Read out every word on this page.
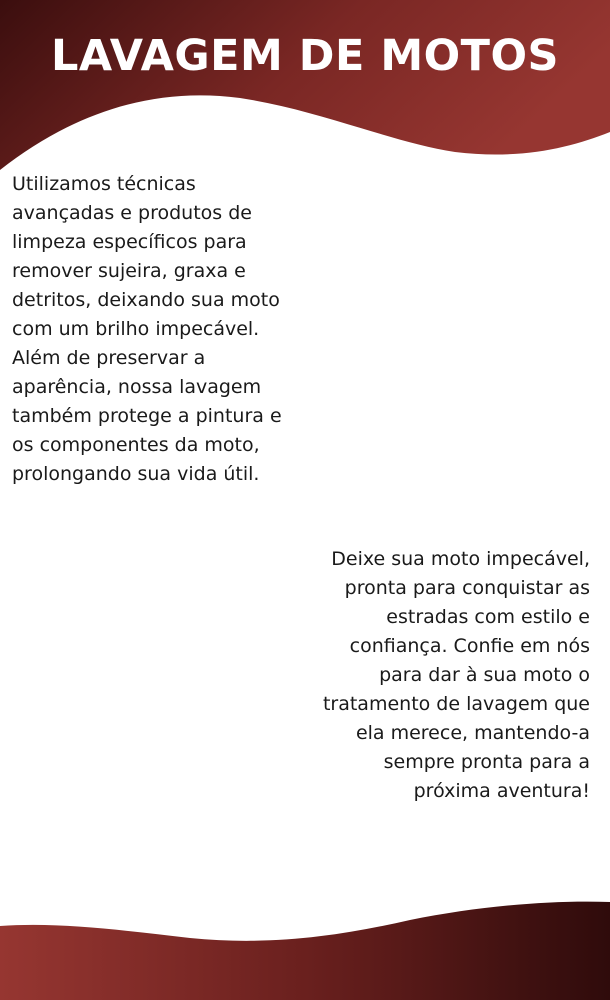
LAVAGEM DE MOTOS
Utilizamos técnicas
avançadas e produtos de
limpeza específicos para
remover sujeira, graxa e
detritos, deixando sua moto
com um brilho impecável.
Além de preservar a
aparência, nossa lavagem
também protege a pintura e
os componentes da moto,
prolongando sua vida útil.
Deixe sua moto impecável,
pronta para conquistar as
estradas com estilo e
confiança. Confie em nós
para dar à sua moto o
tratamento de lavagem que
ela merece, mantendo-a
sempre pronta para a
próxima aventura!
